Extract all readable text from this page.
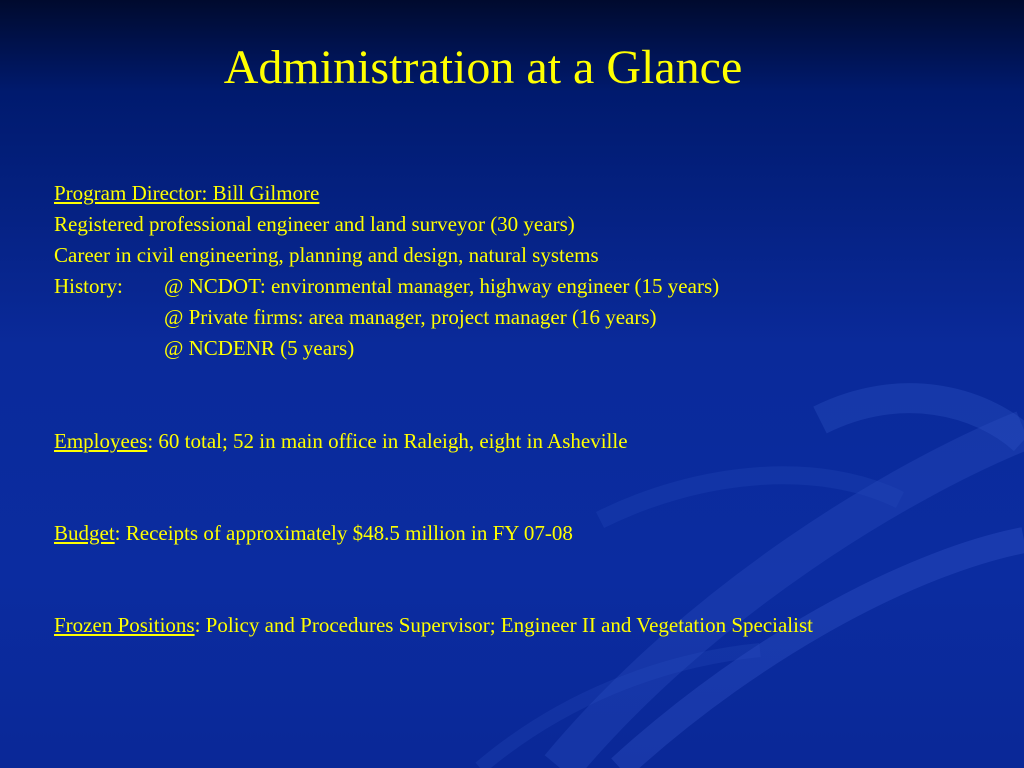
Administration at a Glance
Program Director: Bill Gilmore
Registered professional engineer and land surveyor (30 years)
Career in civil engineering, planning and design, natural systems
History: @ NCDOT: environmental manager, highway engineer (15 years)
@ Private firms: area manager, project manager (16 years)
@ NCDENR (5 years)
Employees: 60 total; 52 in main office in Raleigh, eight in Asheville
Budget: Receipts of approximately $48.5 million in FY 07-08
Frozen Positions: Policy and Procedures Supervisor; Engineer II and Vegetation Specialist
